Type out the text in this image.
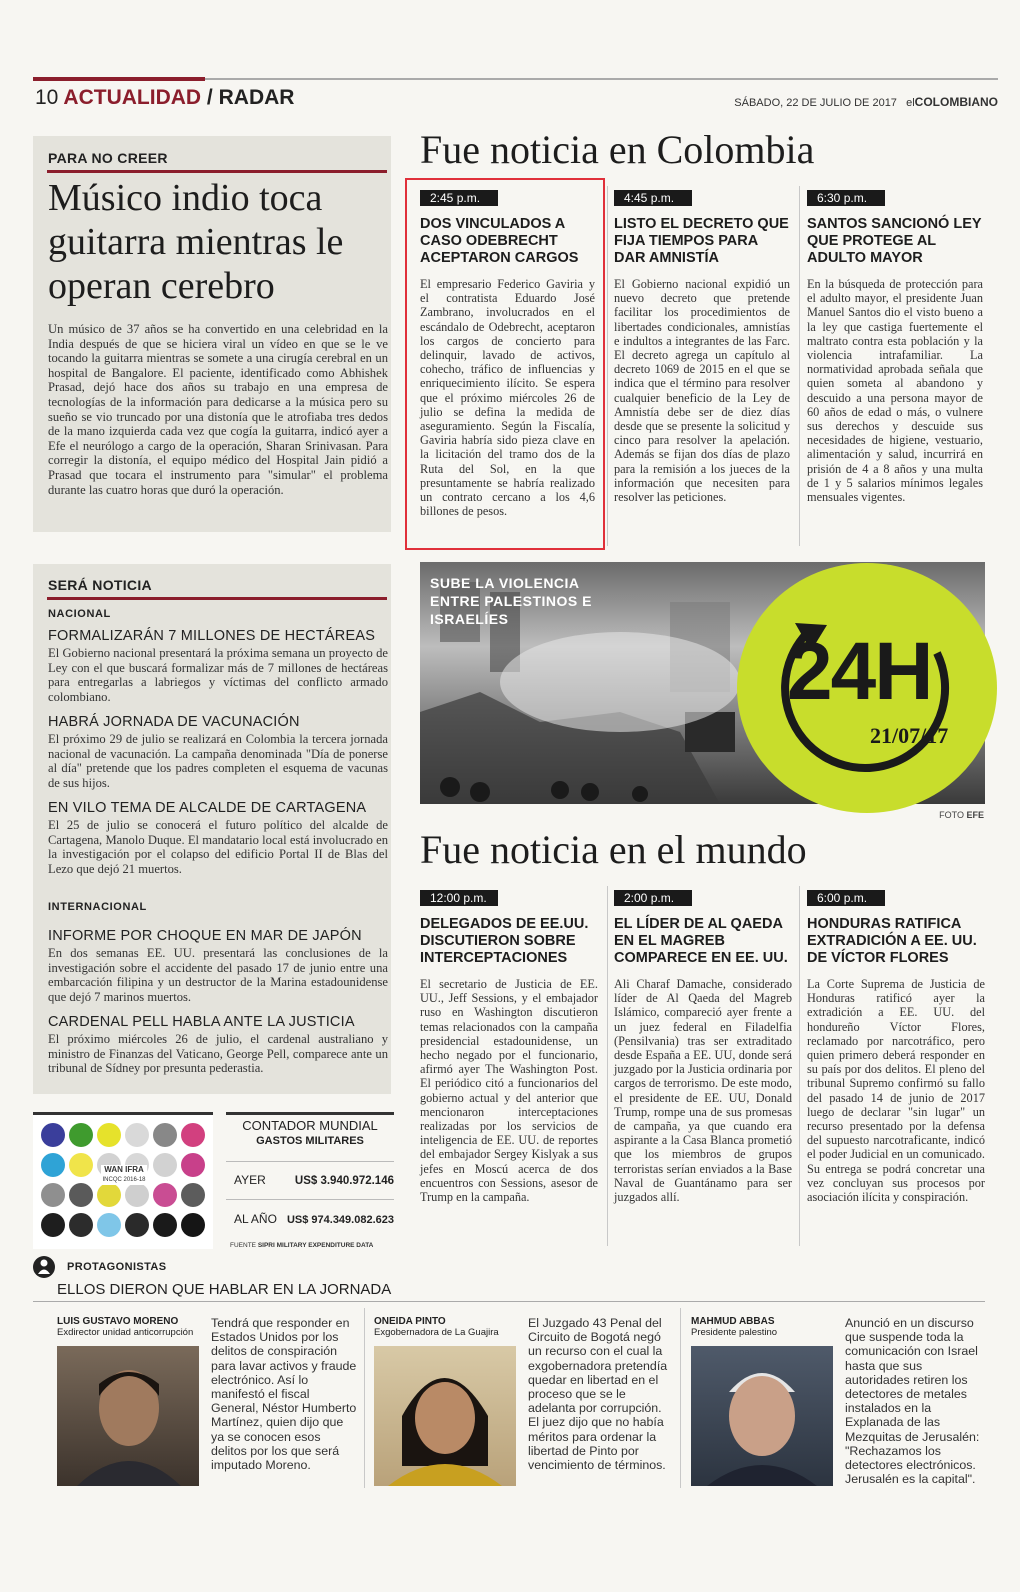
10 ACTUALIDAD / RADAR	SÁBADO, 22 DE JULIO DE 2017 elCOLOMBIANO
PARA NO CREER
Músico indio toca guitarra mientras le operan cerebro

Un músico de 37 años se ha convertido en una celebridad en la India después de que se hiciera viral un vídeo en que se le ve tocando la guitarra mientras se somete a una cirugía cerebral en un hospital de Bangalore. El paciente, identificado como Abhishek Prasad, dejó hace dos años su trabajo en una empresa de tecnologías de la información para dedicarse a la música pero su sueño se vio truncado por una distonía que le atrofiaba tres dedos de la mano izquierda cada vez que cogía la guitarra, indicó ayer a Efe el neurólogo a cargo de la operación, Sharan Srinivasan. Para corregir la distonía, el equipo médico del Hospital Jain pidió a Prasad que tocara el instrumento para "simular" el problema durante las cuatro horas que duró la operación.

Fue noticia en Colombia
2:45 p.m.
DOS VINCULADOS A CASO ODEBRECHT ACEPTARON CARGOS

El empresario Federico Gaviria y el contratista Eduardo José Zambrano, involucrados en el escándalo de Odebrecht, aceptaron los cargos de concierto para delinquir, lavado de activos, cohecho, tráfico de influencias y enriquecimiento ilícito. Se espera que el próximo miércoles 26 de julio se defina la medida de aseguramiento. Según la Fiscalía, Gaviria habría sido pieza clave en la licitación del tramo dos de la Ruta del Sol, en la que presuntamente se habría realizado un contrato cercano a los 4,6 billones de pesos.

4:45 p.m.
LISTO EL DECRETO QUE FIJA TIEMPOS PARA DAR AMNISTÍA

El Gobierno nacional expidió un nuevo decreto que pretende facilitar los procedimientos de libertades condicionales, amnistías e indultos a integrantes de las Farc. El decreto agrega un capítulo al decreto 1069 de 2015 en el que se indica que el término para resolver cualquier beneficio de la Ley de Amnistía debe ser de diez días desde que se presente la solicitud y cinco para resolver la apelación. Además se fijan dos días de plazo para la remisión a los jueces de la información que necesiten para resolver las peticiones.

6:30 p.m.
SANTOS SANCIONÓ LEY QUE PROTEGE AL ADULTO MAYOR

En la búsqueda de protección para el adulto mayor, el presidente Juan Manuel Santos dio el visto bueno a la ley que castiga fuertemente el maltrato contra esta población y la violencia intrafamiliar. La normatividad aprobada señala que quien someta al abandono y descuido a una persona mayor de 60 años de edad o más, o vulnere sus derechos y descuide sus necesidades de higiene, vestuario, alimentación y salud, incurrirá en prisión de 4 a 8 años y una multa de 1 y 5 salarios mínimos legales mensuales vigentes.

SERÁ NOTICIA
NACIONAL
FORMALIZARÁN 7 MILLONES DE HECTÁREAS

El Gobierno nacional presentará la próxima semana un proyecto de Ley con el que buscará formalizar más de 7 millones de hectáreas para entregarlas a labriegos y víctimas del conflicto armado colombiano.

HABRÁ JORNADA DE VACUNACIÓN

El próximo 29 de julio se realizará en Colombia la tercera jornada nacional de vacunación. La campaña denominada "Día de ponerse al día" pretende que los padres completen el esquema de vacunas de sus hijos.

EN VILO TEMA DE ALCALDE DE CARTAGENA

El 25 de julio se conocerá el futuro político del alcalde de Cartagena, Manolo Duque. El mandatario local está involucrado en la investigación por el colapso del edificio Portal II de Blas del Lezo que dejó 21 muertos.

INTERNACIONAL
INFORME POR CHOQUE EN MAR DE JAPÓN

En dos semanas EE. UU. presentará las conclusiones de la investigación sobre el accidente del pasado 17 de junio entre una embarcación filipina y un destructor de la Marina estadounidense que dejó 7 marinos muertos.

CARDENAL PELL HABLA ANTE LA JUSTICIA

El próximo miércoles 26 de julio, el cardenal australiano y ministro de Finanzas del Vaticano, George Pell, comparece ante un tribunal de Sídney por presunta pederastia.

SUBE LA VIOLENCIA ENTRE PALESTINOS E ISRAELÍES
24H
21/07/17
FOTO EFE
Fue noticia en el mundo
12:00 p.m.
DELEGADOS DE EE.UU. DISCUTIERON SOBRE INTERCEPTACIONES

El secretario de Justicia de EE. UU., Jeff Sessions, y el embajador ruso en Washington discutieron temas relacionados con la campaña presidencial estadounidense, un hecho negado por el funcionario, afirmó ayer The Washington Post. El periódico citó a funcionarios del gobierno actual y del anterior que mencionaron interceptaciones realizadas por los servicios de inteligencia de EE. UU. de reportes del embajador Sergey Kislyak a sus jefes en Moscú acerca de dos encuentros con Sessions, asesor de Trump en la campaña.

2:00 p.m.
EL LÍDER DE AL QAEDA EN EL MAGREB COMPARECE EN EE. UU.

Ali Charaf Damache, considerado líder de Al Qaeda del Magreb Islámico, compareció ayer frente a un juez federal en Filadelfia (Pensilvania) tras ser extraditado desde España a EE. UU, donde será juzgado por la Justicia ordinaria por cargos de terrorismo. De este modo, el presidente de EE. UU, Donald Trump, rompe una de sus promesas de campaña, ya que cuando era aspirante a la Casa Blanca prometió que los miembros de grupos terroristas serían enviados a la Base Naval de Guantánamo para ser juzgados allí.

6:00 p.m.
HONDURAS RATIFICA EXTRADICIÓN A EE. UU. DE VÍCTOR FLORES

La Corte Suprema de Justicia de Honduras ratificó ayer la extradición a EE. UU. del hondureño Víctor Flores, reclamado por narcotráfico, pero quien primero deberá responder en su país por dos delitos. El pleno del tribunal Supremo confirmó su fallo del pasado 14 de junio de 2017 luego de declarar "sin lugar" un recurso presentado por la defensa del supuesto narcotraficante, indicó el poder Judicial en un comunicado. Su entrega se podrá concretar una vez concluyan sus procesos por asociación ilícita y conspiración.

WAN IFRA
INCQC 2016-18
CONTADOR MUNDIAL
GASTOS MILITARES
AYER	US$ 3.940.972.146
AL AÑO US$ 974.349.082.623
FUENTE SIPRI MILITARY EXPENDITURE DATA
PROTAGONISTAS
ELLOS DIERON QUE HABLAR EN LA JORNADA
LUIS GUSTAVO MORENO
Exdirector unidad anticorrupción

Tendrá que responder en Estados Unidos por los delitos de conspiración para lavar activos y fraude electrónico. Así lo manifestó el fiscal General, Néstor Humberto Martínez, quien dijo que ya se conocen esos delitos por los que será imputado Moreno.

ONEIDA PINTO
Exgobernadora de La Guajira

El Juzgado 43 Penal del Circuito de Bogotá negó un recurso con el cual la exgobernadora pretendía quedar en libertad en el proceso que se le adelanta por corrupción. El juez dijo que no había méritos para ordenar la libertad de Pinto por vencimiento de términos.

MAHMUD ABBAS
Presidente palestino

Anunció en un discurso que suspende toda la comunicación con Israel hasta que sus autoridades retiren los detectores de metales instalados en la Explanada de las Mezquitas de Jerusalén: "Rechazamos los detectores electrónicos. Jerusalén es la capital".
